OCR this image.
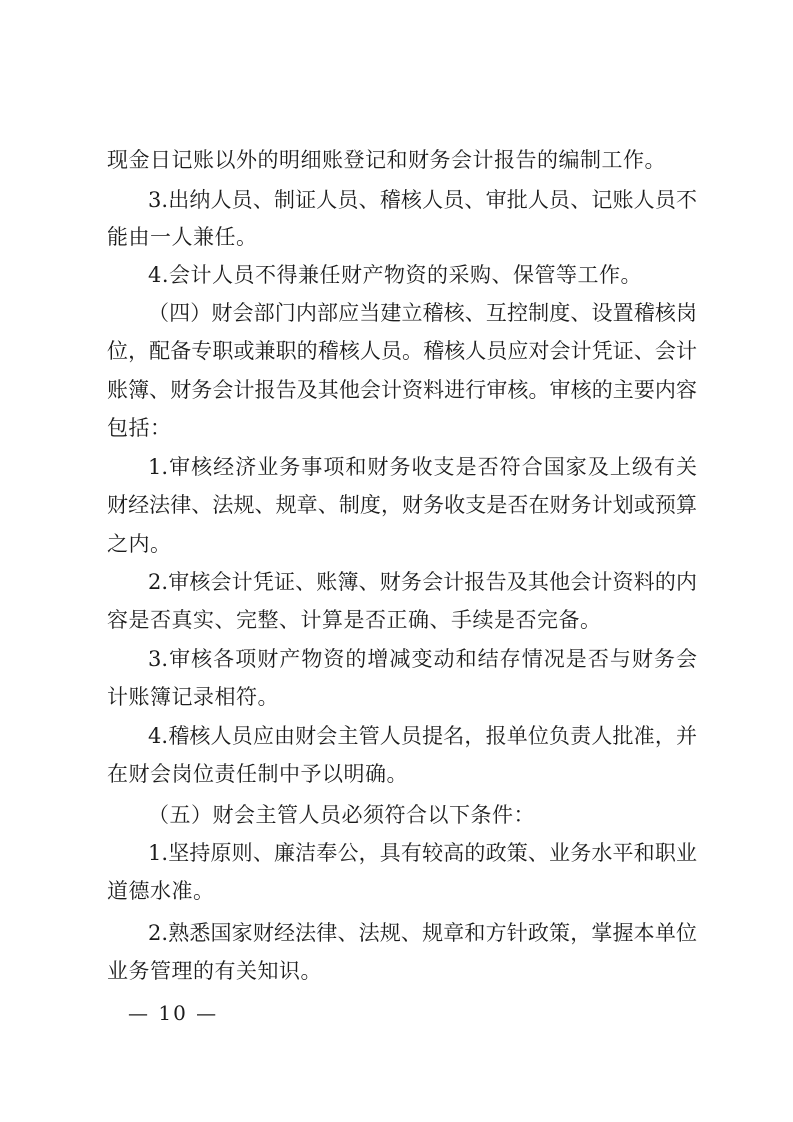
现金日记账以外的明细账登记和财务会计报告的编制工作。
3.出纳人员、制证人员、稽核人员、审批人员、记账人员不
能由一人兼任。
4.会计人员不得兼任财产物资的采购、保管等工作。
（四）财会部门内部应当建立稽核、互控制度、设置稽核岗
位，配备专职或兼职的稽核人员。稽核人员应对会计凭证、会计
账簿、财务会计报告及其他会计资料进行审核。审核的主要内容
包括：
1.审核经济业务事项和财务收支是否符合国家及上级有关
财经法律、法规、规章、制度，财务收支是否在财务计划或预算
之内。
2.审核会计凭证、账簿、财务会计报告及其他会计资料的内
容是否真实、完整、计算是否正确、手续是否完备。
3.审核各项财产物资的增减变动和结存情况是否与财务会
计账簿记录相符。
4.稽核人员应由财会主管人员提名，报单位负责人批准，并
在财会岗位责任制中予以明确。
（五）财会主管人员必须符合以下条件：
1.坚持原则、廉洁奉公，具有较高的政策、业务水平和职业
道德水准。
2.熟悉国家财经法律、法规、规章和方针政策，掌握本单位
业务管理的有关知识。
— 10 —
